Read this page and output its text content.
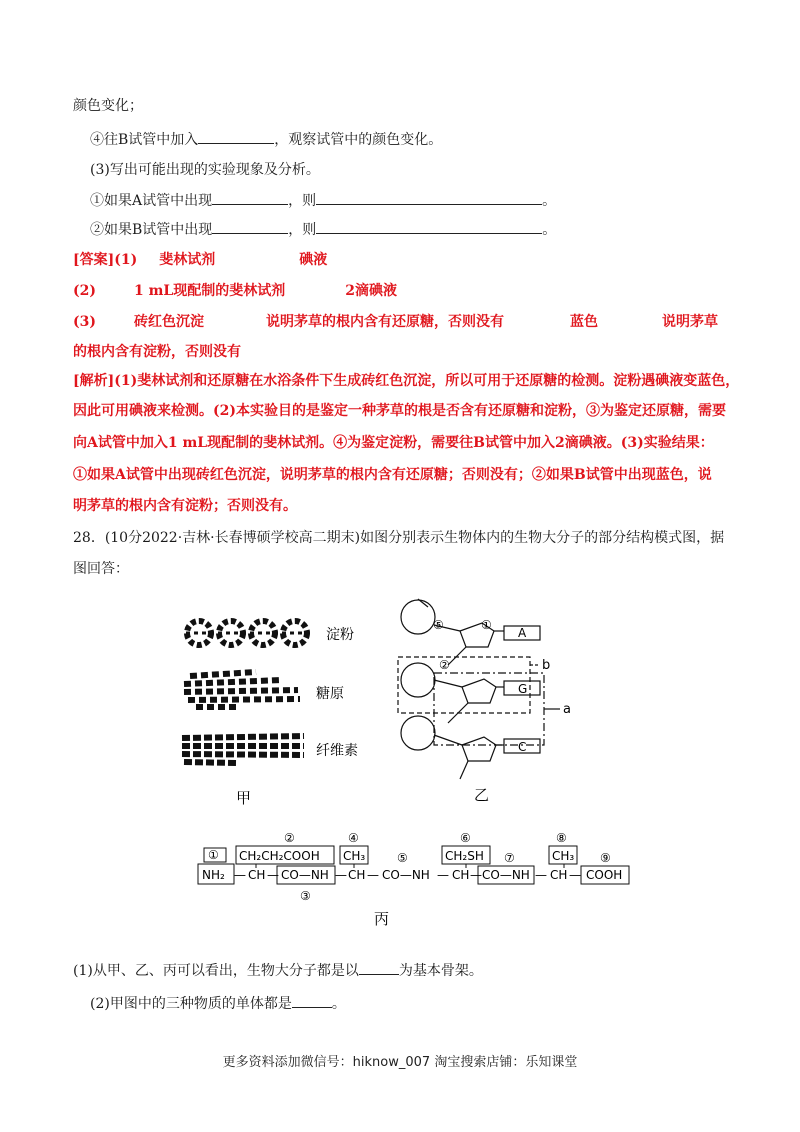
颜色变化；
④往B试管中加入	，观察试管中的颜色变化。
(3)写出可能出现的实验现象及分析。
①如果A试管中出现	，则	。
②如果B试管中出现	，则	。
[答案](1) 斐林试剂	碘液
(2)	1 mL现配制的斐林试剂	2滴碘液
(3)	砖红色沉淀	说明茅草的根内含有还原糖，否则没有	蓝色	说明茅草
的根内含有淀粉，否则没有
[解析](1)斐林试剂和还原糖在水浴条件下生成砖红色沉淀，所以可用于还原糖的检测。淀粉遇碘液变蓝色，
因此可用碘液来检测。(2)本实验目的是鉴定一种茅草的根是否含有还原糖和淀粉，③为鉴定还原糖，需要
向A试管中加入1 mL现配制的斐林试剂。④为鉴定淀粉，需要往B试管中加入2滴碘液。(3)实验结果：
①如果A试管中出现砖红色沉淀，说明茅草的根内含有还原糖；否则没有；②如果B试管中出现蓝色，说
明茅草的根内含有淀粉；否则没有。
28．(10分2022·吉林·长春博硕学校高二期末)如图分别表示生物体内的生物大分子的部分结构模式图，据
图回答：
淀粉
糖原
纤维素
甲
⑤	①
②
A
G
C
b
a
乙
①
NH₂ —
②
CH₂CH₂COOH
CH — CO—NH
③
—
④
CH₃
CH —
⑤
CO—NH —
⑥
CH₂SH
CH —
⑦
CO—NH —
⑧
CH₃
CH —
⑨
COOH
丙
(1)从甲、乙、丙可以看出，生物大分子都是以	为基本骨架。
(2)甲图中的三种物质的单体都是	。
更多资料添加微信号：hiknow_007 淘宝搜索店铺：乐知课堂
